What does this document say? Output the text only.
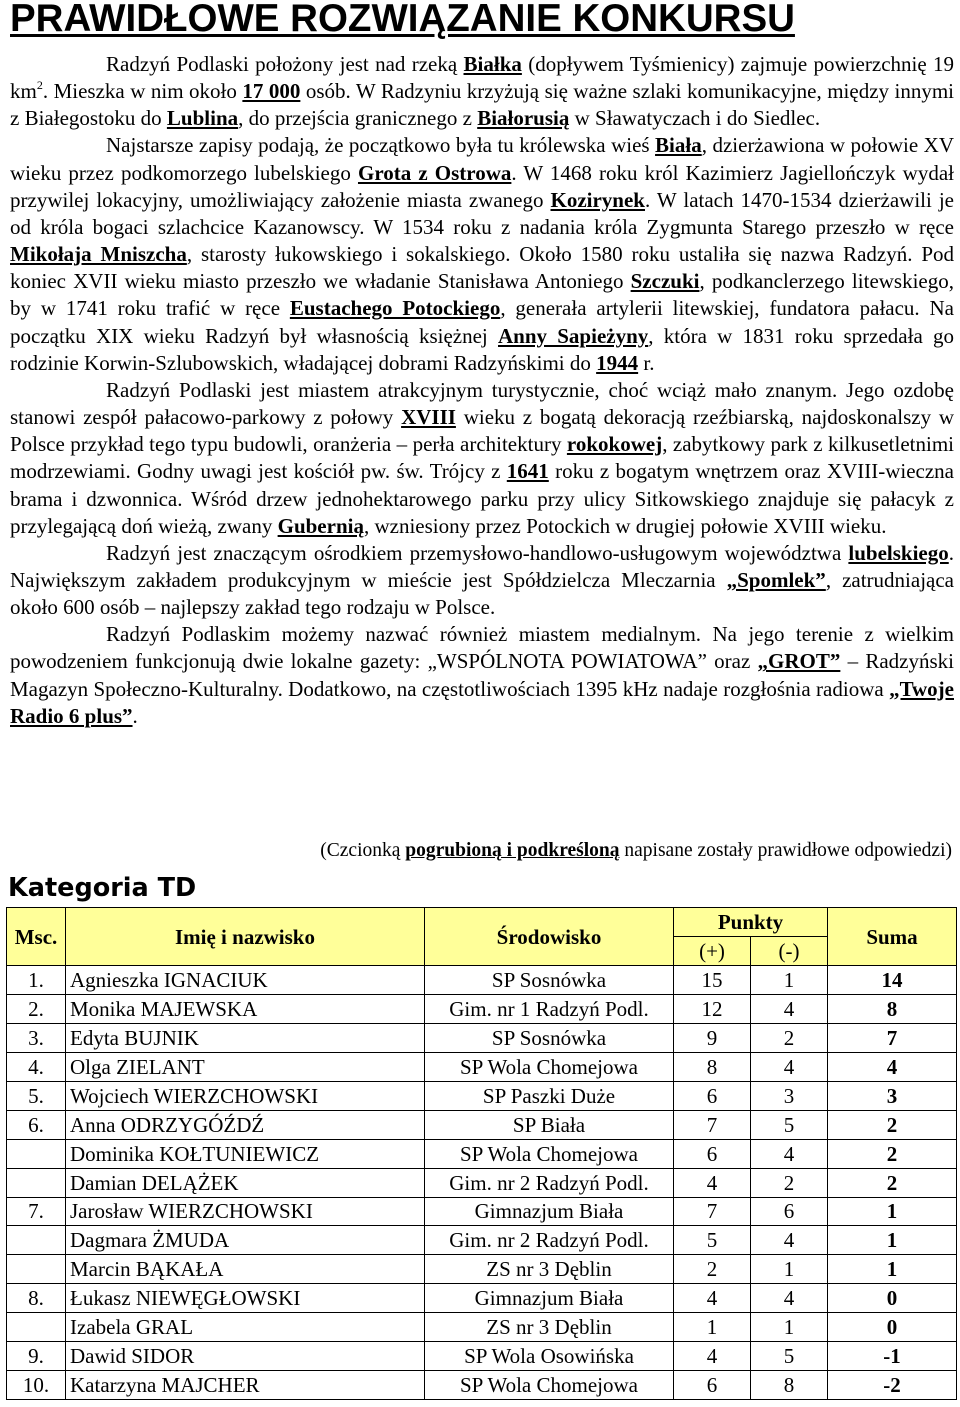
PRAWIDŁOWE ROZWIĄZANIE KONKURSU

Radzyń Podlaski położony jest nad rzeką Białka (dopływem Tyśmienicy) zajmuje powierzchnię 19 $km^2$. Mieszka w nim około 17 000 osób. W Radzyniu krzyżują się ważne szlaki komunikacyjne, między innymi z Białegostoku do Lublina, do przejścia granicznego z Białorusią w Sławatyczach i do Siedlec.

Najstarsze zapisy podają, że początkowo była tu królewska wieś Biała, dzierżawiona w połowie XV wieku przez podkomorzego lubelskiego Grota z Ostrowa. W 1468 roku król Kazimierz Jagiellończyk wydał przywilej lokacyjny, umożliwiający założenie miasta zwanego Kozirynek. W latach 1470-1534 dzierżawili je od króla bogaci szlachcice Kazanowscy. W 1534 roku z nadania króla Zygmunta Starego przeszło w ręce Mikołaja Mniszcha, starosty łukowskiego i sokalskiego. Około 1580 roku ustaliła się nazwa Radzyń. Pod koniec XVII wieku miasto przeszło we władanie Stanisława Antoniego Szczuki, podkanclerzego litewskiego, by w 1741 roku trafić w ręce Eustachego Potockiego, generała artylerii litewskiej, fundatora pałacu. Na początku XIX wieku Radzyń był własnością księżnej Anny Sapieżyny, która w 1831 roku sprzedała go rodzinie Korwin-Szlubowskich, władającej dobrami Radzyńskimi do 1944 r.

Radzyń Podlaski jest miastem atrakcyjnym turystycznie, choć wciąż mało znanym. Jego ozdobę stanowi zespół pałacowo-parkowy z połowy XVIII wieku z bogatą dekoracją rzeźbiarską, najdoskonalszy w Polsce przykład tego typu budowli, oranżeria – perła architektury rokokowej, zabytkowy park z kilkusetletnimi modrzewiami. Godny uwagi jest kościół pw. św. Trójcy z 1641 roku z bogatym wnętrzem oraz XVIII-wieczna brama i dzwonnica. Wśród drzew jednohektarowego parku przy ulicy Sitkowskiego znajduje się pałacyk z przylegającą doń wieżą, zwany Gubernią, wzniesiony przez Potockich w drugiej połowie XVIII wieku.

Radzyń jest znaczącym ośrodkiem przemysłowo-handlowo-usługowym województwa lubelskiego. Największym zakładem produkcyjnym w mieście jest Spółdzielcza Mleczarnia „Spomlek”, zatrudniająca około 600 osób – najlepszy zakład tego rodzaju w Polsce.

Radzyń Podlaskim możemy nazwać również miastem medialnym. Na jego terenie z wielkim powodzeniem funkcjonują dwie lokalne gazety: „WSPÓLNOTA POWIATOWA” oraz „GROT” – Radzyński Magazyn Społeczno-Kulturalny. Dodatkowo, na częstotliwościach 1395 kHz nadaje rozgłośnia radiowa „Twoje Radio 6 plus”.

(Czcionką pogrubioną i podkreśloną napisane zostały prawidłowe odpowiedzi)
Kategoria TD
Msc.	Imię i nazwisko	Środowisko	Punkty		Suma
			(+)	(-)	
1.	Agnieszka IGNACIUK	SP Sosnówka	15	1	14
2.	Monika MAJEWSKA	Gim. nr 1 Radzyń Podl.	12	4	8
3.	Edyta BUJNIK	SP Sosnówka	9	2	7
4.	Olga ZIELANT	SP Wola Chomejowa	8	4	4
5.	Wojciech WIERZCHOWSKI	SP Paszki Duże	6	3	3
6.	Anna ODRZYGÓŹDŹ	SP Biała	7	5	2
	Dominika KOŁTUNIEWICZ	SP Wola Chomejowa	6	4	2
	Damian DELĄŻEK	Gim. nr 2 Radzyń Podl.	4	2	2
7.	Jarosław WIERZCHOWSKI	Gimnazjum Biała	7	6	1
	Dagmara ŻMUDA	Gim. nr 2 Radzyń Podl.	5	4	1
	Marcin BĄKAŁA	ZS nr 3 Dęblin	2	1	1
8.	Łukasz NIEWĘGŁOWSKI	Gimnazjum Biała	4	4	0
	Izabela GRAL	ZS nr 3 Dęblin	1	1	0
9.	Dawid SIDOR	SP Wola Osowińska	4	5	-1
10.	Katarzyna MAJCHER	SP Wola Chomejowa	6	8	-2
